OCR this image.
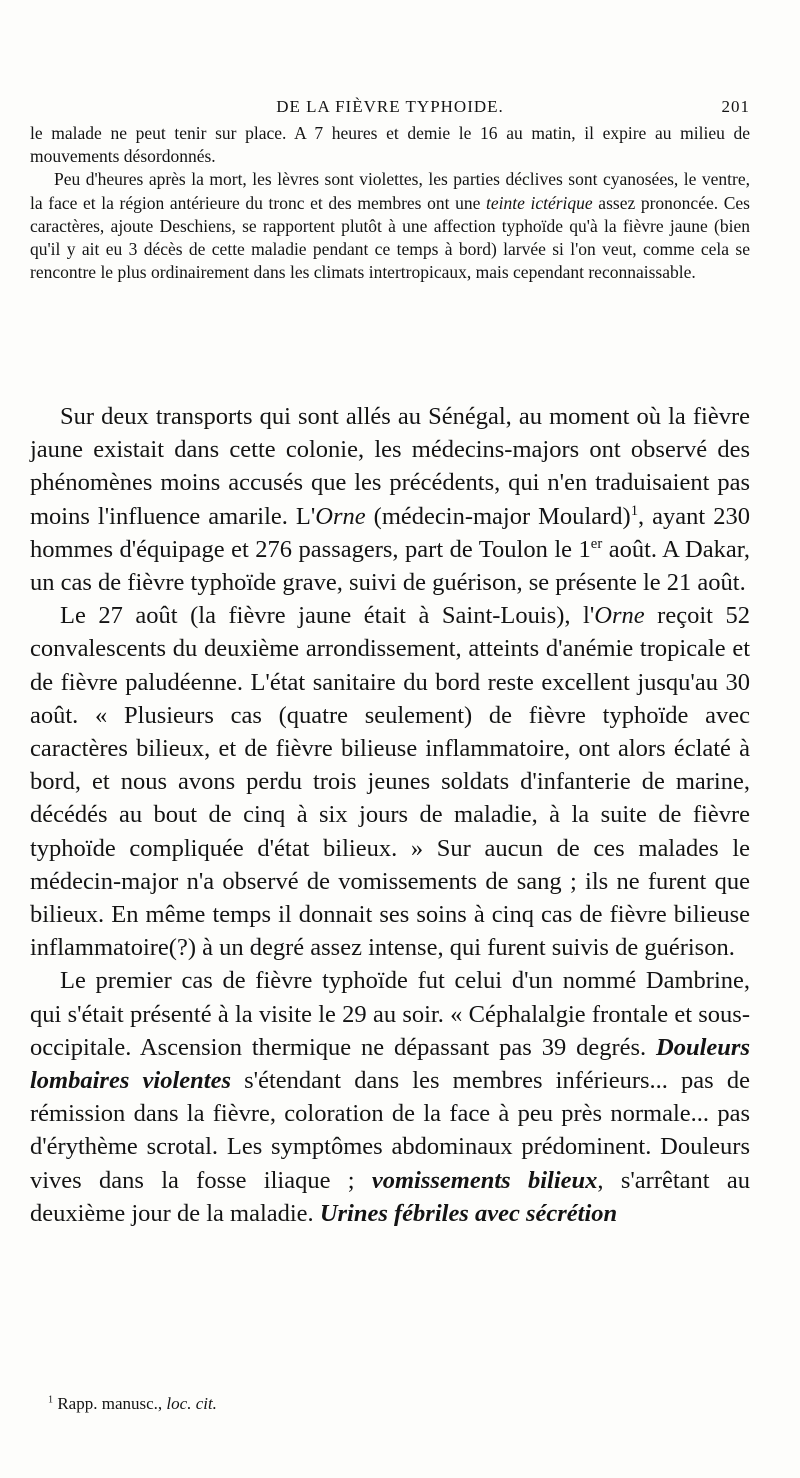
DE LA FIÈVRE TYPHOIDE.	201

le malade ne peut tenir sur place. A 7 heures et demie le 16 au matin, il expire au milieu de mouvements désordonnés.

Peu d'heures après la mort, les lèvres sont violettes, les parties déclives sont cyanosées, le ventre, la face et la région antérieure du tronc et des membres ont une teinte ictérique assez prononcée. Ces caractères, ajoute Deschiens, se rapportent plutôt à une affection typhoïde qu'à la fièvre jaune (bien qu'il y ait eu 3 décès de cette maladie pendant ce temps à bord) larvée si l'on veut, comme cela se rencontre le plus ordinairement dans les climats intertropicaux, mais cependant reconnaissable.

Sur deux transports qui sont allés au Sénégal, au moment où la fièvre jaune existait dans cette colonie, les médecins-majors ont observé des phénomènes moins accusés que les précédents, qui n'en traduisaient pas moins l'influence amarile. L'Orne (médecin-major Moulard)$^1$, ayant 230 hommes d'équipage et 276 passagers, part de Toulon le 1er août. A Dakar, un cas de fièvre typhoïde grave, suivi de guérison, se présente le 21 août.

Le 27 août (la fièvre jaune était à Saint-Louis), l'Orne reçoit 52 convalescents du deuxième arrondissement, atteints d'anémie tropicale et de fièvre paludéenne. L'état sanitaire du bord reste excellent jusqu'au 30 août. « Plusieurs cas (quatre seulement) de fièvre typhoïde avec caractères bilieux, et de fièvre bilieuse inflammatoire, ont alors éclaté à bord, et nous avons perdu trois jeunes soldats d'infanterie de marine, décédés au bout de cinq à six jours de maladie, à la suite de fièvre typhoïde compliquée d'état bilieux. » Sur aucun de ces malades le médecin-major n'a observé de vomissements de sang ; ils ne furent que bilieux. En même temps il donnait ses soins à cinq cas de fièvre bilieuse inflammatoire(?) à un degré assez intense, qui furent suivis de guérison.

Le premier cas de fièvre typhoïde fut celui d'un nommé Dambrine, qui s'était présenté à la visite le 29 au soir. « Céphalalgie frontale et sous-occipitale. Ascension thermique ne dépassant pas 39 degrés. Douleurs lombaires violentes s'étendant dans les membres inférieurs... pas de rémission dans la fièvre, coloration de la face à peu près normale... pas d'érythème scrotal. Les symptômes abdominaux prédominent. Douleurs vives dans la fosse iliaque ; vomissements bilieux, s'arrêtant au deuxième jour de la maladie. Urines fébriles avec sécrétion

$^1$ Rapp. manusc., loc. cit.
